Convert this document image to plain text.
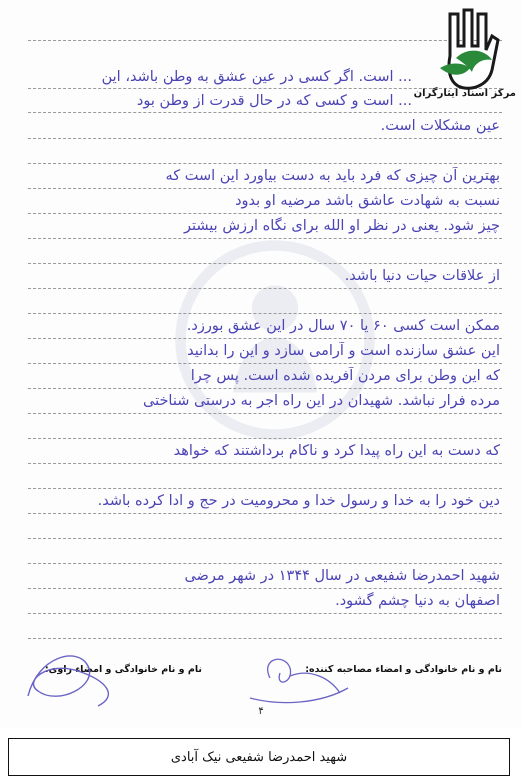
... است. اگر کسی در عین عشق به وطن باشد، این
... است و کسی که در حال قدرت از وطن بود
عین مشکلات است.
بهترین آن چیزی که فرد باید به دست بیاورد این است که
نسبت به شهادت عاشق باشد مرضیه او بدود
چیز شود. یعنی در نظر او الله برای نگاه ارزش بیشتر
از علاقات حیات دنیا باشد.
ممکن است کسی ۶۰ یا ۷۰ سال در این عشق بورزد.
این عشق سازنده است و آرامی سازد و این را بدانید
که این وطن برای مردن آفریده شده است. پس چرا
مرده فرار نباشد. شهیدان در این راه اجر به درستی شناختی
که دست به این راه پیدا کرد و ناکام برداشتند که خواهد
دین خود را به خدا و رسول خدا و محرومیت در حج و ادا کرده باشد.
شهید احمدرضا شفیعی در سال ۱۳۴۴ در شهر مرضی
اصفهان به دنیا چشم گشود.
مرکز اسناد ایثارگران
نام و نام خانوادگی و امضاء مصاحبه کننده:
نام و نام خانوادگی و امضاء راوی:
۴
شهید احمدرضا شفیعی نیک آبادی
